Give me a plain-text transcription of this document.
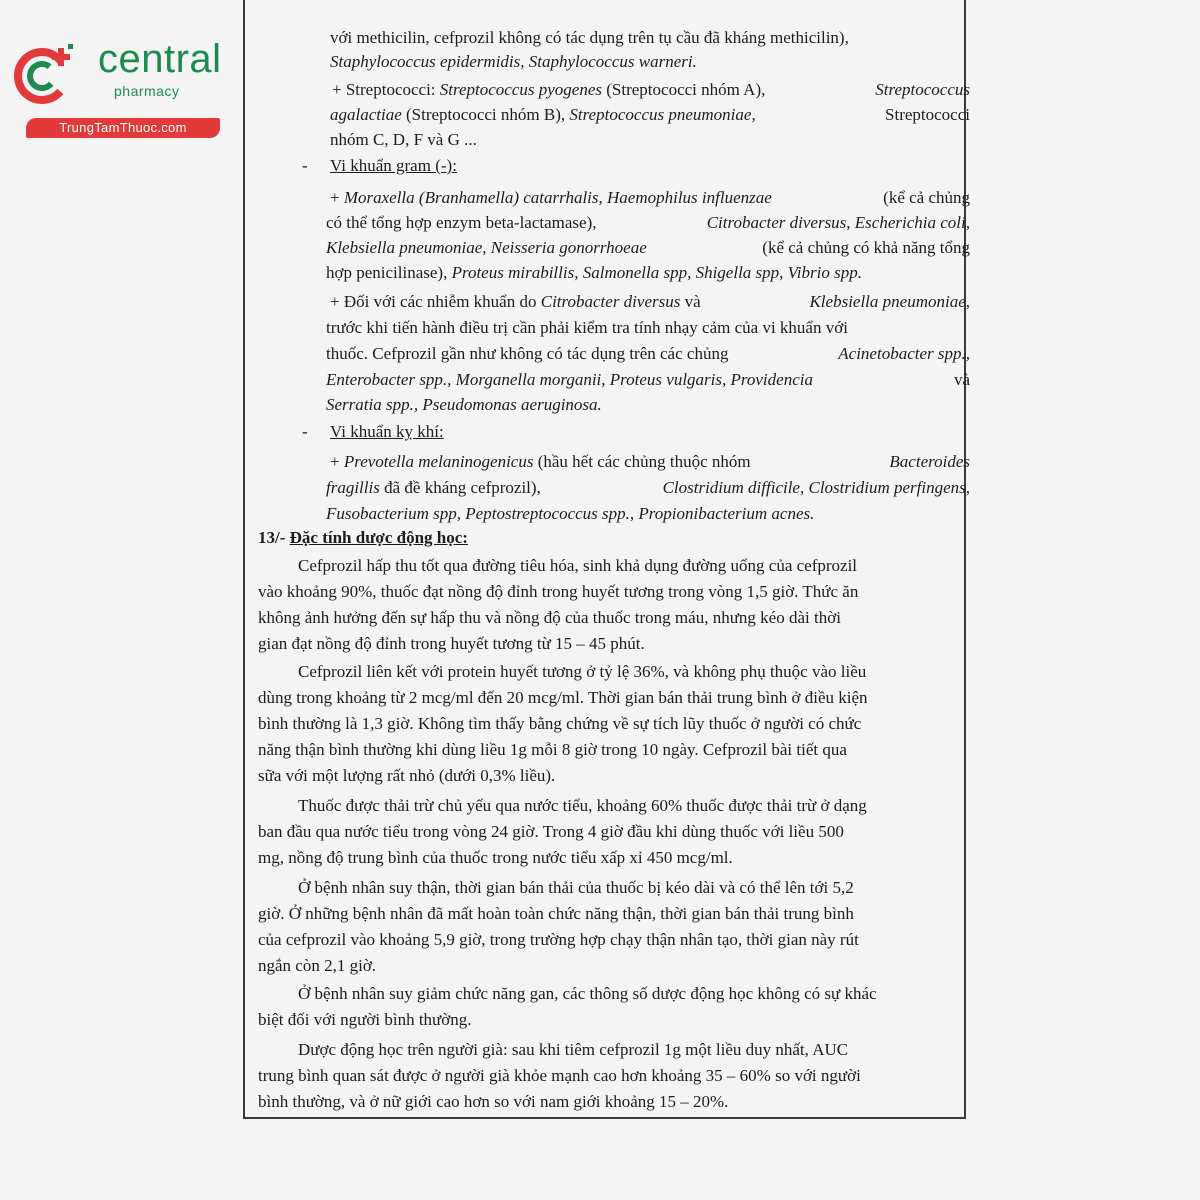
central
pharmacy
TrungTamThuoc.com
với methicilin, cefprozil không có tác dụng trên tụ cầu đã kháng methicilin),
Staphylococcus epidermidis, Staphylococcus warneri.
+ Streptococci: Streptococcus pyogenes (Streptococci nhóm A),	Streptococcus
agalactiae (Streptococci nhóm B), Streptococcus pneumoniae,	Streptococci
nhóm C, D, F và G ...
- Vi khuẩn gram (-):
+ Moraxella (Branhamella) catarrhalis, Haemophilus influenzae	(kể cả chủng
có thể tổng hợp enzym beta-lactamase),	Citrobacter diversus, Escherichia coli,
Klebsiella pneumoniae, Neisseria gonorrhoeae	(kể cả chủng có khả năng tổng
hợp penicilinase), Proteus mirabillis, Salmonella spp, Shigella spp, Vibrio spp.
+ Đối với các nhiễm khuẩn do Citrobacter diversus và	Klebsiella pneumoniae,
trước khi tiến hành điều trị cần phải kiểm tra tính nhạy cảm của vi khuẩn với
thuốc. Cefprozil gần như không có tác dụng trên các chủng	Acinetobacter spp.,
Enterobacter spp., Morganella morganii, Proteus vulgaris, Providencia	và
Serratia spp., Pseudomonas aeruginosa.
- Vi khuẩn kỵ khí:
+ Prevotella melaninogenicus (hầu hết các chủng thuộc nhóm	Bacteroides
fragillis đã đề kháng cefprozil),	Clostridium difficile, Clostridium perfingens,
Fusobacterium spp, Peptostreptococcus spp., Propionibacterium acnes.
13/- Đặc tính dược động học:
Cefprozil hấp thu tốt qua đường tiêu hóa, sinh khả dụng đường uống của cefprozil
vào khoảng 90%, thuốc đạt nồng độ đỉnh trong huyết tương trong vòng 1,5 giờ. Thức ăn
không ảnh hưởng đến sự hấp thu và nồng độ của thuốc trong máu, nhưng kéo dài thời
gian đạt nồng độ đỉnh trong huyết tương từ 15 – 45 phút.
Cefprozil liên kết với protein huyết tương ở tỷ lệ 36%, và không phụ thuộc vào liều
dùng trong khoảng từ 2 mcg/ml đến 20 mcg/ml. Thời gian bán thải trung bình ở điều kiện
bình thường là 1,3 giờ. Không tìm thấy bằng chứng về sự tích lũy thuốc ở người có chức
năng thận bình thường khi dùng liều 1g mỗi 8 giờ trong 10 ngày. Cefprozil bài tiết qua
sữa với một lượng rất nhỏ (dưới 0,3% liều).
Thuốc được thải trừ chủ yếu qua nước tiểu, khoảng 60% thuốc được thải trừ ở dạng
ban đầu qua nước tiểu trong vòng 24 giờ. Trong 4 giờ đầu khi dùng thuốc với liều 500
mg, nồng độ trung bình của thuốc trong nước tiểu xấp xỉ 450 mcg/ml.
Ở bệnh nhân suy thận, thời gian bán thải của thuốc bị kéo dài và có thể lên tới 5,2
giờ. Ở những bệnh nhân đã mất hoàn toàn chức năng thận, thời gian bán thải trung bình
của cefprozil vào khoảng 5,9 giờ, trong trường hợp chạy thận nhân tạo, thời gian này rút
ngắn còn 2,1 giờ.
Ở bệnh nhân suy giảm chức năng gan, các thông số dược động học không có sự khác
biệt đối với người bình thường.
Dược động học trên người già: sau khi tiêm cefprozil 1g một liều duy nhất, AUC
trung bình quan sát được ở người già khỏe mạnh cao hơn khoảng 35 – 60% so với người
bình thường, và ở nữ giới cao hơn so với nam giới khoảng 15 – 20%.
